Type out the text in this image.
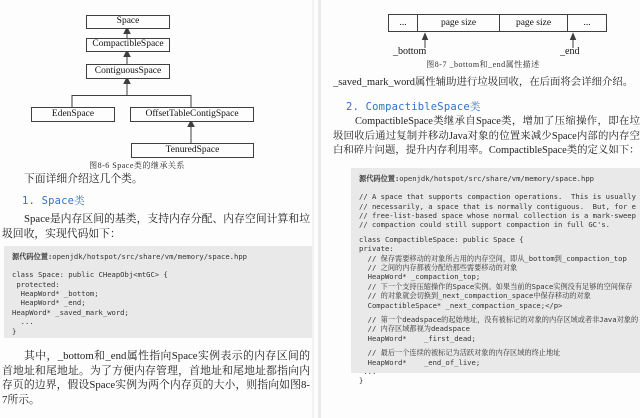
Space
CompactibleSpace
ContiguousSpace
EdenSpace	OffsetTableContigSpace
TenuredSpace
图8-6 Space类的继承关系
下面详细介绍这几个类。
1. Space类
Space是内存区间的基类，支持内存分配、内存空间计算和垃圾回收，实现代码如下：
源代码位置:openjdk/hotspot/src/share/vm/memory/space.hpp
class Space: public CHeapObj<mtGC> {
protected:
HeapWord* _bottom;
HeapWord* _end;
HeapWord* _saved_mark_word;
...
}
其中，_bottom和_end属性指向Space实例表示的内存区间的首地址和尾地址。为了方便内存管理，首地址和尾地址都指向内存页的边界，假设Space实例为两个内存页的大小，则指向如图8-7所示。
...	page size	page size	...
_bottom	_end
图8-7 _bottom和_end属性描述
_saved_mark_word属性辅助进行垃圾回收，在后面将会详细介绍。
2. CompactibleSpace类
CompactibleSpace类继承自Space类，增加了压缩操作，即在垃圾回收后通过复制并移动Java对象的位置来减少Space内部的内存空白和碎片问题，提升内存利用率。CompactibleSpace类的定义如下：
源代码位置:openjdk/hotspot/src/share/vm/memory/space.hpp
// A space that supports compaction operations.  This is usually
// necessarily, a space that is normally contiguous.  But, for e
// free-list-based space whose normal collection is a mark-sweep
// compaction could still support compaction in full GC's.
class CompactibleSpace: public Space {
private:
// 保存需要移动的对象所占用的内存空间，即从_bottom到_compaction_top
// 之间的内存都被分配给那些需要移动的对象
HeapWord* _compaction_top;
// 下一个支持压缩操作的Space实例。如果当前的Space实例没有足够的空间保存
// 的对象就会切换到_next_compaction_space中保存移动的对象
CompactibleSpace* _next_compaction_space;</p>
// 第一个deadspace的起始地址，没有被标记的对象的内存区域或者非Java对象的
// 内存区域都视为deadspace
HeapWord*    _first_dead;
// 最后一个连续的被标记为活跃对象的内存区域的终止地址
HeapWord*    _end_of_live;
...
}
